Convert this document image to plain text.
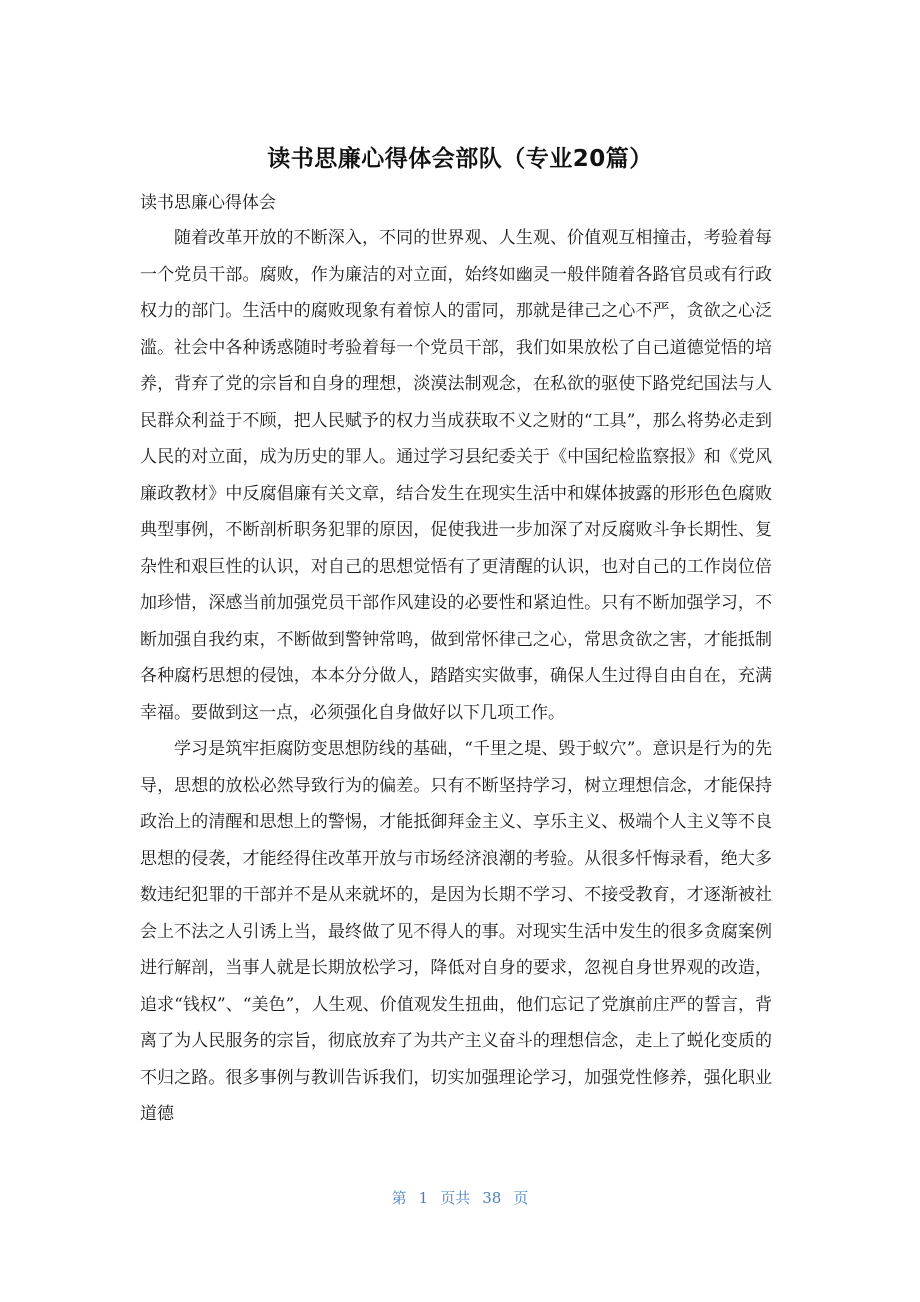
读书思廉心得体会部队（专业20篇）
读书思廉心得体会

随着改革开放的不断深入，不同的世界观、人生观、价值观互相撞击，考验着每一个党员干部。腐败，作为廉洁的对立面，始终如幽灵一般伴随着各路官员或有行政权力的部门。生活中的腐败现象有着惊人的雷同，那就是律己之心不严，贪欲之心泛滥。社会中各种诱惑随时考验着每一个党员干部，我们如果放松了自己道德觉悟的培养，背弃了党的宗旨和自身的理想，淡漠法制观念，在私欲的驱使下路党纪国法与人民群众利益于不顾，把人民赋予的权力当成获取不义之财的“工具”，那么将势必走到人民的对立面，成为历史的罪人。通过学习县纪委关于《中国纪检监察报》和《党风廉政教材》中反腐倡廉有关文章，结合发生在现实生活中和媒体披露的形形色色腐败典型事例，不断剖析职务犯罪的原因，促使我进一步加深了对反腐败斗争长期性、复杂性和艰巨性的认识，对自己的思想觉悟有了更清醒的认识，也对自己的工作岗位倍加珍惜，深感当前加强党员干部作风建设的必要性和紧迫性。只有不断加强学习，不断加强自我约束，不断做到警钟常鸣，做到常怀律己之心，常思贪欲之害，才能抵制各种腐朽思想的侵蚀，本本分分做人，踏踏实实做事，确保人生过得自由自在，充满幸福。要做到这一点，必须强化自身做好以下几项工作。

学习是筑牢拒腐防变思想防线的基础，“千里之堤、毁于蚁穴”。意识是行为的先导，思想的放松必然导致行为的偏差。只有不断坚持学习，树立理想信念，才能保持政治上的清醒和思想上的警惕，才能抵御拜金主义、享乐主义、极端个人主义等不良思想的侵袭，才能经得住改革开放与市场经济浪潮的考验。从很多忏悔录看，绝大多数违纪犯罪的干部并不是从来就坏的，是因为长期不学习、不接受教育，才逐渐被社会上不法之人引诱上当，最终做了见不得人的事。对现实生活中发生的很多贪腐案例进行解剖，当事人就是长期放松学习，降低对自身的要求，忽视自身世界观的改造，追求“钱权”、“美色”，人生观、价值观发生扭曲，他们忘记了党旗前庄严的誓言，背离了为人民服务的宗旨，彻底放弃了为共产主义奋斗的理想信念，走上了蜕化变质的不归之路。很多事例与教训告诉我们，切实加强理论学习，加强党性修养，强化职业道德

第 1 页共 38 页
